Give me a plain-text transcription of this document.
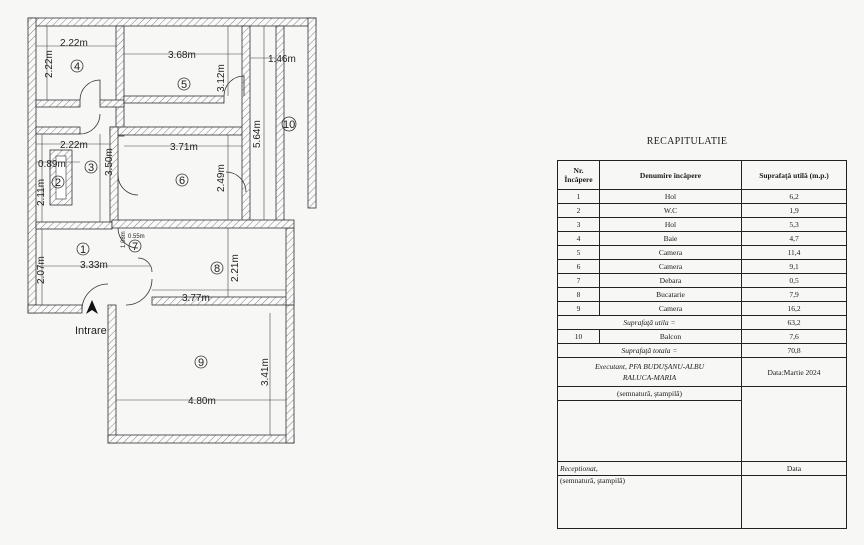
2.22m
2.22m	3.68m
3.12m
1.46m
5.64m
2.22m	3.71m
0.89m	3.50m
2.49m
2.11m
2.07m	3.33m
1.08m 0.55m
2.21m
3.77m
3.41m
4.80m
4
5
10
3
2	6
1	7
8
9
Intrare
RECAPITULATIE
Nr.
Încăpere	Denumire încăpere	Suprafaţă utilă (m.p.)
1	Hol	6,2
2	W.C	1,9
3	Hol	5,3
4	Baie	4,7
5	Camera	11,4
6	Camera	9,1
7	Debara	0,5
8	Bucatarie	7,9
9	Camera	16,2
Suprafaţă utila =		63,2
10	Balcon	7,6
Suprafaţă totala =		70,8
Executant, PFA BUDUŞANU-ALBU
RALUCA-MARIA		Data:Martie 2024
(semnatură, ştampilă)		

Receptionat,		Data
(semnatură, ştampilă)		
